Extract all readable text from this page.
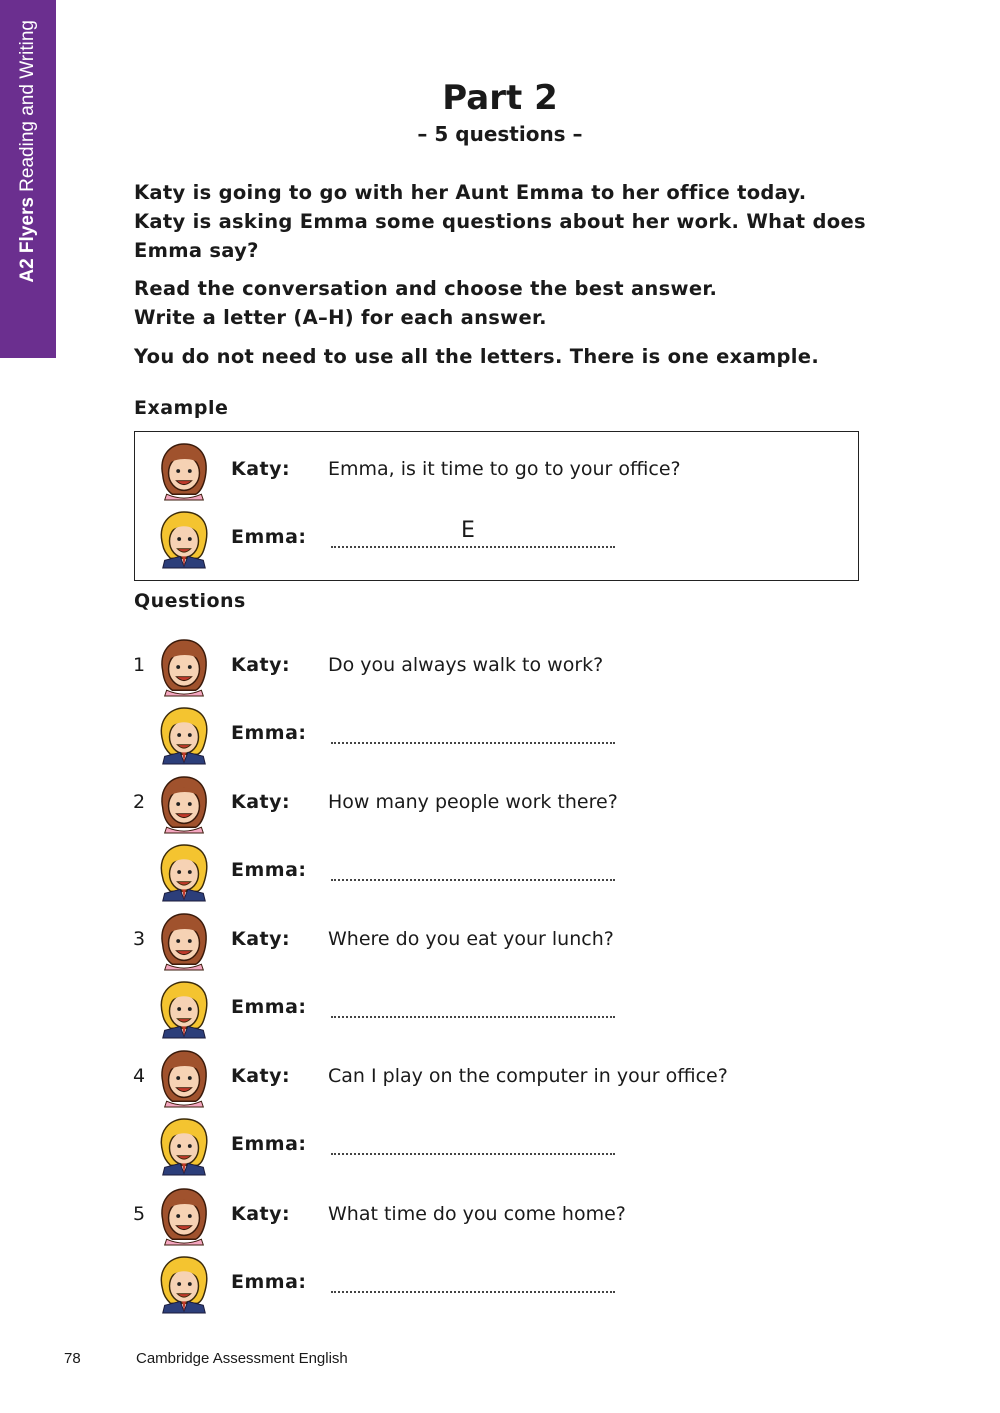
A2 Flyers Reading and Writing	Part 2
– 5 questions –
Katy is going to go with her Aunt Emma to her office today.
Katy is asking Emma some questions about her work. What does Emma say?
Read the conversation and choose the best answer.
Write a letter (A–H) for each answer.
You do not need to use all the letters. There is one example.
Example
Katy: Emma, is it time to go to your office?
Emma:	E
Questions
1	Katy: Do you always walk to work?
Emma:
2	Katy: How many people work there?
Emma:
3	Katy: Where do you eat your lunch?
Emma:
4	Katy: Can I play on the computer in your office?
Emma:
5	Katy: What time do you come home?
Emma:
78	Cambridge Assessment English
